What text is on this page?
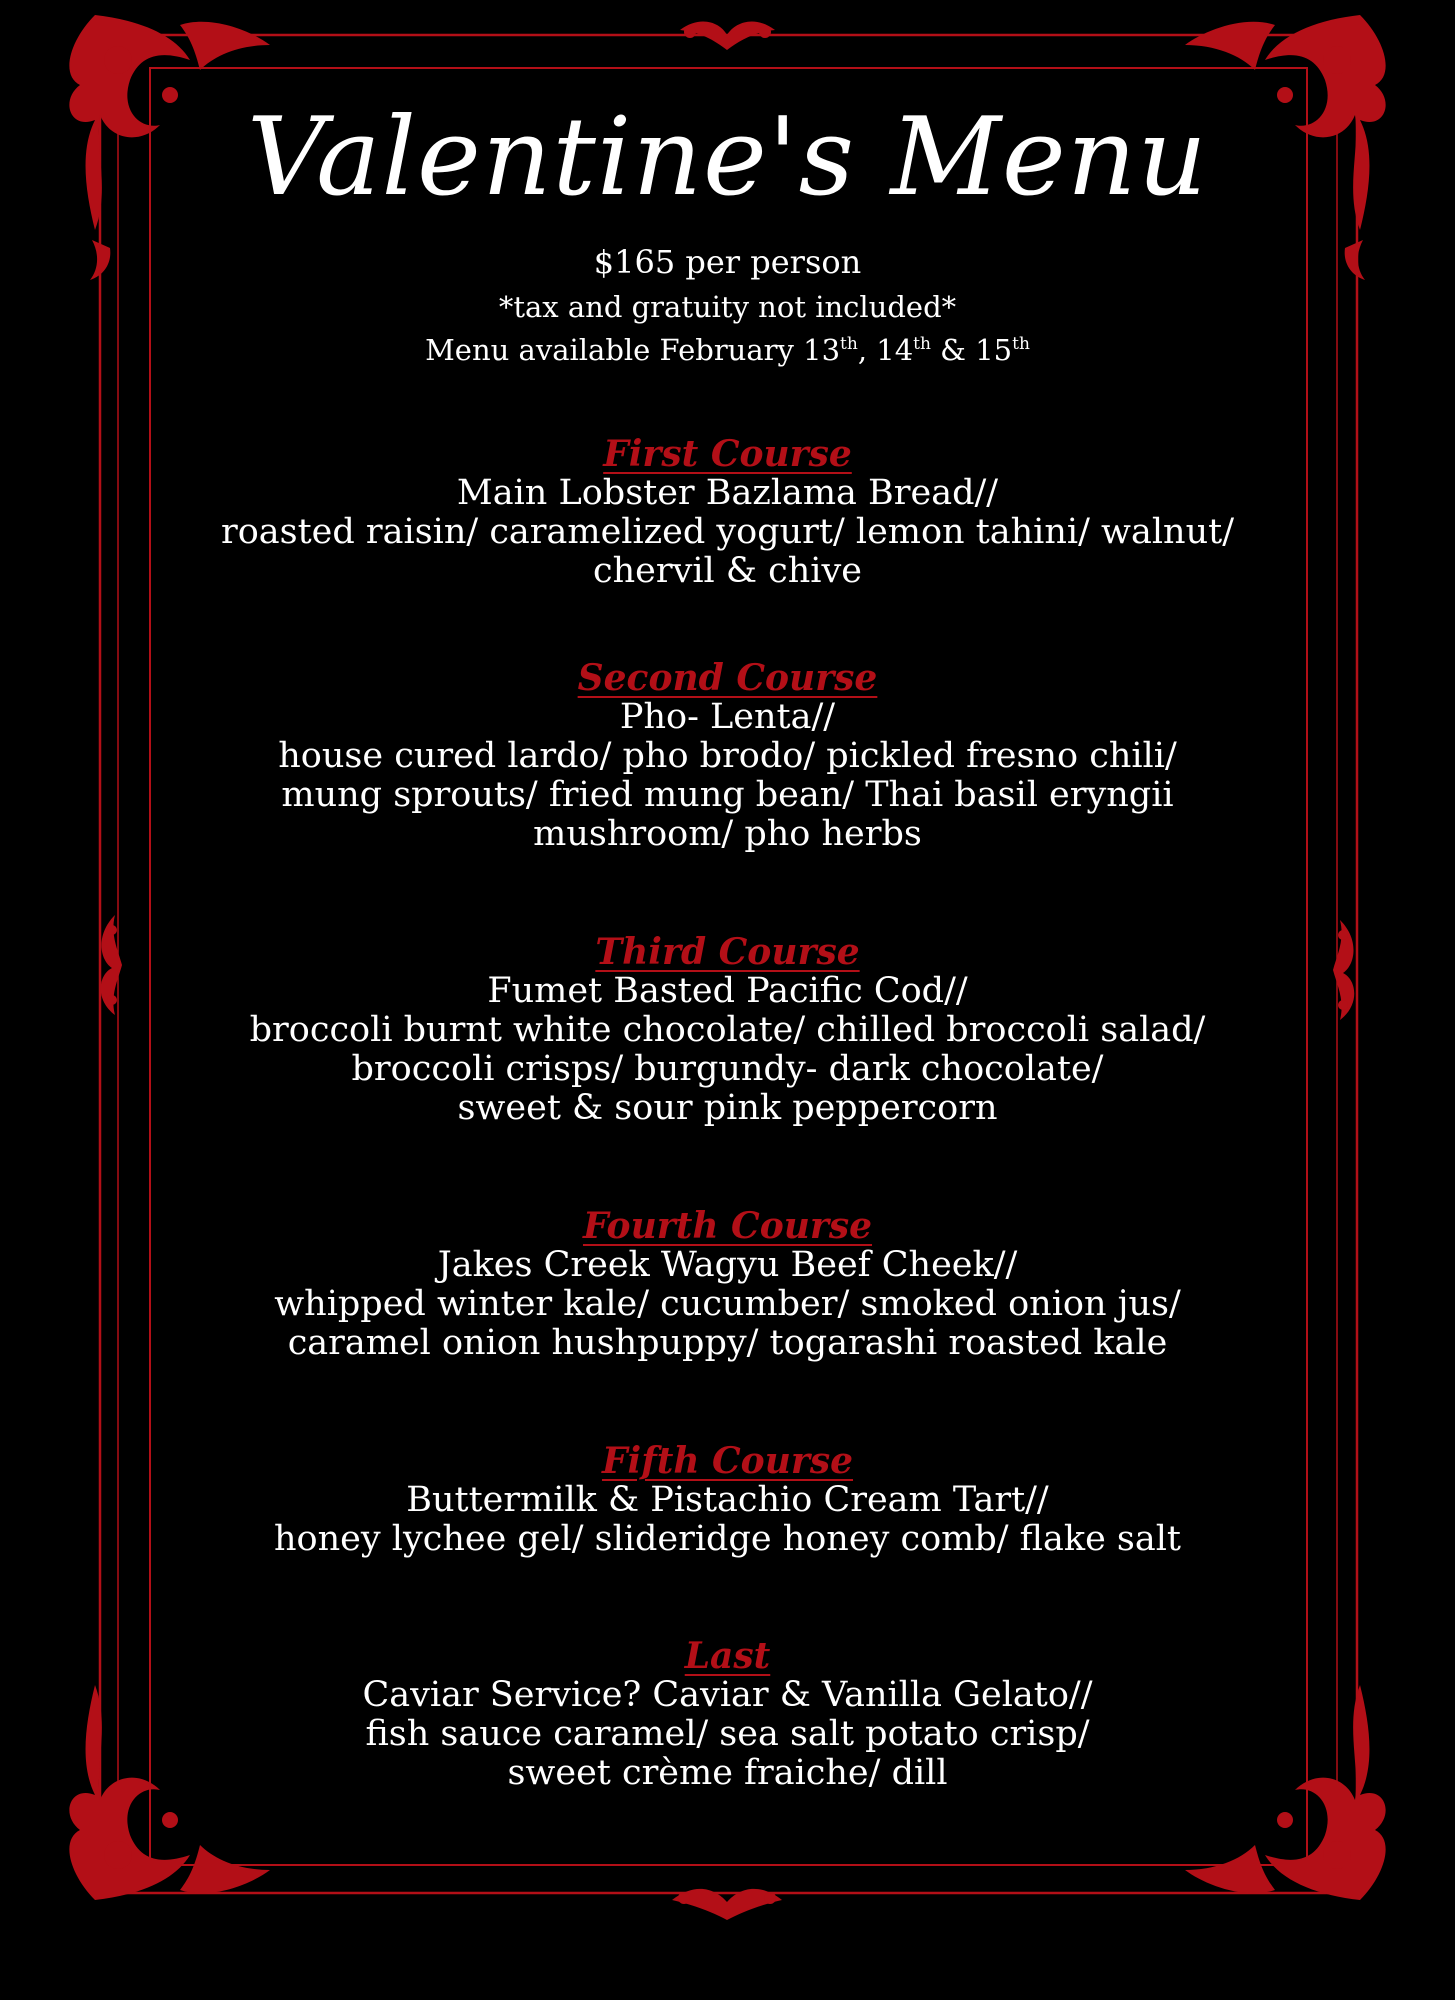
Valentine's Menu
$165 per person
*tax and gratuity not included*
Menu available February 13th, 14th & 15th
First Course
Main Lobster Bazlama Bread//
roasted raisin/ caramelized yogurt/ lemon tahini/ walnut/
chervil & chive
Second Course
Pho- Lenta//
house cured lardo/ pho brodo/ pickled fresno chili/
mung sprouts/ fried mung bean/ Thai basil eryngii
mushroom/ pho herbs
Third Course
Fumet Basted Pacific Cod//
broccoli burnt white chocolate/ chilled broccoli salad/
broccoli crisps/ burgundy- dark chocolate/
sweet & sour pink peppercorn
Fourth Course
Jakes Creek Wagyu Beef Cheek//
whipped winter kale/ cucumber/ smoked onion jus/
caramel onion hushpuppy/ togarashi roasted kale
Fifth Course
Buttermilk & Pistachio Cream Tart//
honey lychee gel/ slideridge honey comb/ flake salt
Last
Caviar Service? Caviar & Vanilla Gelato//
fish sauce caramel/ sea salt potato crisp/
sweet crème fraiche/ dill
